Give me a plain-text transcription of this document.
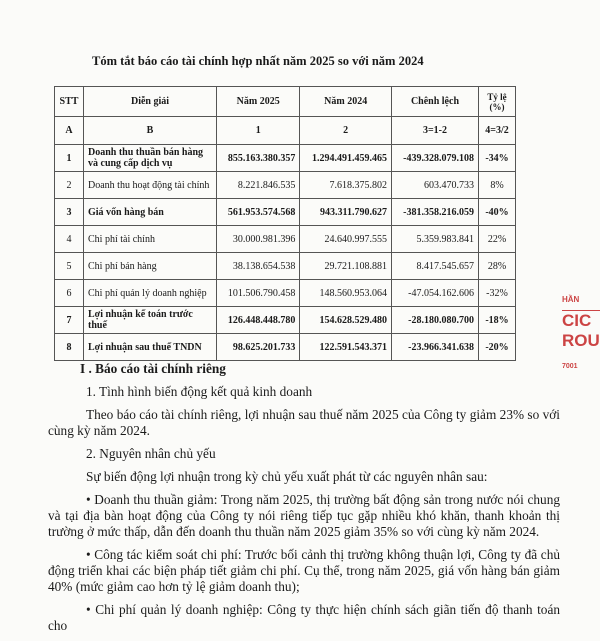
Tóm tắt báo cáo tài chính hợp nhất năm 2025 so với năm 2024
STT	Diễn giải	Năm 2025	Năm 2024	Chênh lệch	Tỷ lệ (%)
A	B	1	2	3=1-2	4=3/2
1	Doanh thu thuần bán hàng và cung cấp dịch vụ	855.163.380.357	1.294.491.459.465	-439.328.079.108	-34%
2	Doanh thu hoạt động tài chính	8.221.846.535	7.618.375.802	603.470.733	8%
3	Giá vốn hàng bán	561.953.574.568	943.311.790.627	-381.358.216.059	-40%
4	Chi phí tài chính	30.000.981.396	24.640.997.555	5.359.983.841	22%
5	Chi phí bán hàng	38.138.654.538	29.721.108.881	8.417.545.657	28%
6	Chi phí quản lý doanh nghiệp	101.506.790.458	148.560.953.064	-47.054.162.606	-32%
7	Lợi nhuận kế toán trước thuế	126.448.448.780	154.628.529.480	-28.180.080.700	-18%
8	Lợi nhuận sau thuế TNDN	98.625.201.733	122.591.543.371	-23.966.341.638	-20%

I . Báo cáo tài chính riêng

1. Tình hình biến động kết quả kinh doanh

Theo báo cáo tài chính riêng, lợi nhuận sau thuế năm 2025 của Công ty giảm 23% so với cùng kỳ năm 2024.

2. Nguyên nhân chủ yếu

Sự biến động lợi nhuận trong kỳ chủ yếu xuất phát từ các nguyên nhân sau:

• Doanh thu thuần giảm: Trong năm 2025, thị trường bất động sản trong nước nói chung và tại địa bàn hoạt động của Công ty nói riêng tiếp tục gặp nhiều khó khăn, thanh khoản thị trường ở mức thấp, dẫn đến doanh thu thuần năm 2025 giảm 35% so với cùng kỳ năm 2024.

• Công tác kiểm soát chi phí: Trước bối cảnh thị trường không thuận lợi, Công ty đã chủ động triển khai các biện pháp tiết giảm chi phí. Cụ thể, trong năm 2025, giá vốn hàng bán giảm 40% (mức giảm cao hơn tỷ lệ giảm doanh thu);

• Chi phí quản lý doanh nghiệp: Công ty thực hiện chính sách giãn tiến độ thanh toán cho

HẦN
CIC
ROU
7001
